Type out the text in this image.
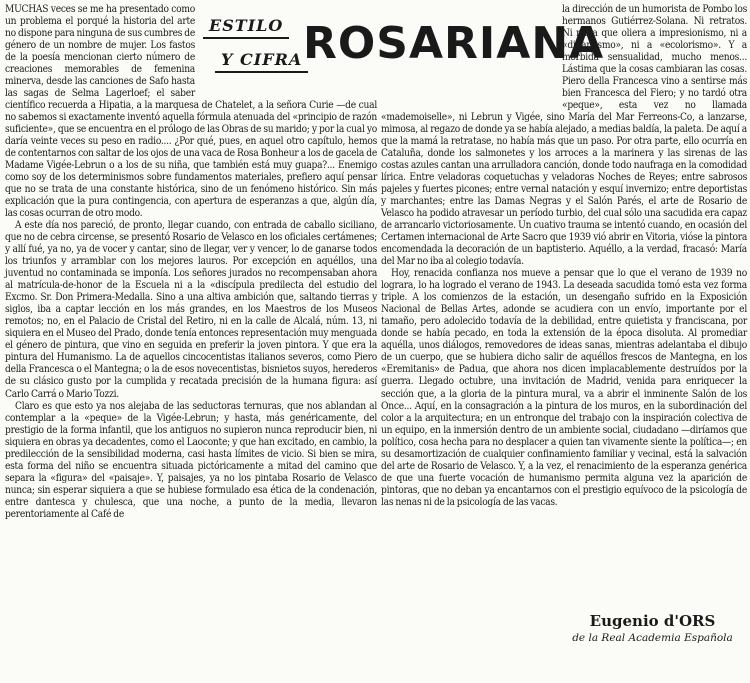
MUCHAS veces se me ha presentado como un problema el porqué la historia del arte no dispone para ninguna de sus cumbres de género de un nombre de mujer. Los fastos de la poesía mencionan cierto número de creaciones memorables de femenina minerva, desde las canciones de Safo hasta las sagas de Selma Lagerloef; el saber científico recuerda a Hipatia, a la marquesa de Chatelet, a la señora Curie —de cual no sabemos si exactamente inventó aquella fórmula atenuada del «principio de razón suficiente», que se encuentra en el prólogo de las Obras de su marido; y por la cual yo daría veinte veces su peso en radio.... ¿Por qué, pues, en aquel otro capítulo, hemos de contentarnos con saltar de los ojos de una vaca de Rosa Bonheur a los de gacela de Madame Vigée-Lebrun o a los de su niña, que también está muy guapa?... Enemigo como soy de los determinismos sobre fundamentos materiales, prefiero aquí pensar que no se trata de una constante histórica, sino de un fenómeno histórico. Sin más explicación que la pura contingencia, con apertura de esperanzas a que, algún día, las cosas ocurran de otro modo.

A este día nos pareció, de pronto, llegar cuando, con entrada de caballo siciliano, que no de cebra circense, se presentó Rosario de Velasco en los oficiales certámenes; y allí fué, ya no, ya de vocer y cantar, sino de llegar, ver y vencer, lo de ganarse todos los triunfos y arramblar con los mejores lauros. Por excepción en aquéllos, una juventud no contaminada se imponía. Los señores jurados no recompensaban ahora al matrícula-de-honor de la Escuela ni a la «discípula predilecta del estudio del Excmo. Sr. Don Primera-Medalla. Sino a una altiva ambición que, saltando tierras y siglos, iba a captar lección en los más grandes, en los Maestros de los Museos remotos; no, en el Palacio de Cristal del Retiro, ni en la calle de Alcalá, núm. 13, ni siquiera en el Museo del Prado, donde tenía entonces representación muy menguada el género de pintura, que vino en seguida en preferir la joven pintora. Y que era la pintura del Humanismo. La de aquellos cincocentistas italianos severos, como Piero della Francesca o el Mantegna; o la de esos novecentistas, bisnietos suyos, herederos de su clásico gusto por la cumplida y recatada precisión de la humana figura: así Carlo Carrá o Mario Tozzi.

Claro es que esto ya nos alejaba de las seductoras ternuras, que nos ablandan al contemplar a la «peque» de la Vigée-Lebrun; y hasta, más genéricamente, del prestigio de la forma infantil, que los antiguos no supieron nunca reproducir bien, ni siquiera en obras ya decadentes, como el Laoconte; y que han excitado, en cambio, la predilección de la sensibilidad moderna, casi hasta límites de vicio. Si bien se mira, esta forma del niño se encuentra situada pictóricamente a mitad del camino que separa la «figura» del «paisaje». Y, paisajes, ya no los pintaba Rosario de Velasco nunca; sin esperar siquiera a que se hubiese formulado esa ética de la condenación, entre dantesca y chulesca, que una noche, a punto de la media, llevaron perentoriamente al Café de

ESTILO
Y CIFRA ROSARIANA

la dirección de un humorista de Pombo los hermanos Gutiérrez-Solana. Ni retratos. Ni nada que oliera a impresionismo, ni a «dinamismo», ni a «ecolorismo». Y a mórbida sensualidad, mucho menos... Lástima que la cosas cambiaran las cosas. Piero della Francesca vino a sentirse más bien Francesca del Fiero; y no tardó otra «peque», esta vez no llamada «mademoiselle», ni Lebrun y Vigée, sino María del Mar Ferreons-Co, a lanzarse, mimosa, al regazo de donde ya se había alejado, a medias baldía, la paleta. De aquí a que la mamá la retratase, no había más que un paso. Por otra parte, ello ocurría en Cataluña, donde los salmonetes y los arroces a la marinera y las sirenas de las costas azules cantan una arrulladora canción, donde todo naufraga en la comodidad lírica. Entre veladoras coquetuchas y veladoras Noches de Reyes; entre sabrosos pajeles y fuertes picones; entre vernal natación y esquí invernizo; entre deportistas y marchantes; entre las Damas Negras y el Salón Parés, el arte de Rosario de Velasco ha podido atravesar un período turbio, del cual sólo una sacudida era capaz de arrancarlo victoriosamente. Un cuativo trauma se intentó cuando, en ocasión del Certamen internacional de Arte Sacro que 1939 vió abrir en Vitoria, vióse la pintora encomendada la decoración de un baptisterio. Aquéllo, a la verdad, fracasó: María del Mar no iba al colegio todavía.

Hoy, renacida confianza nos mueve a pensar que lo que el verano de 1939 no lograra, lo ha logrado el verano de 1943. La deseada sacudida tomó esta vez forma triple. A los comienzos de la estación, un desengaño sufrido en la Exposición Nacional de Bellas Artes, adonde se acudiera con un envío, importante por el tamaño, pero adolecido todavía de la debilidad, entre quietista y franciscana, por donde se había pecado, en toda la extensión de la época disoluta. Al promediar aquélla, unos diálogos, removedores de ideas sanas, mientras adelantaba el dibujo de un cuerpo, que se hubiera dicho salir de aquéllos frescos de Mantegna, en los «Eremitanis» de Padua, que ahora nos dicen implacablemente destruídos por la guerra. Llegado octubre, una invitación de Madrid, venida para enriquecer la sección que, a la gloria de la pintura mural, va a abrir el inminente Salón de los Once... Aquí, en la consagración a la pintura de los muros, en la subordinación del color a la arquitectura; en un entronque del trabajo con la inspiración colectiva de un equipo, en la inmersión dentro de un ambiente social, ciudadano —diríamos que político, cosa hecha para no desplacer a quien tan vivamente siente la política—; en su desamortización de cualquier confinamiento familiar y vecinal, está la salvación del arte de Rosario de Velasco. Y, a la vez, el renacimiento de la esperanza genérica de que una fuerte vocación de humanismo permita alguna vez la aparición de pintoras, que no deban ya encantarnos con el prestigio equívoco de la psicología de las nenas ni de la psicología de las vacas.

Eugenio d'ORS
de la Real Academia Española
